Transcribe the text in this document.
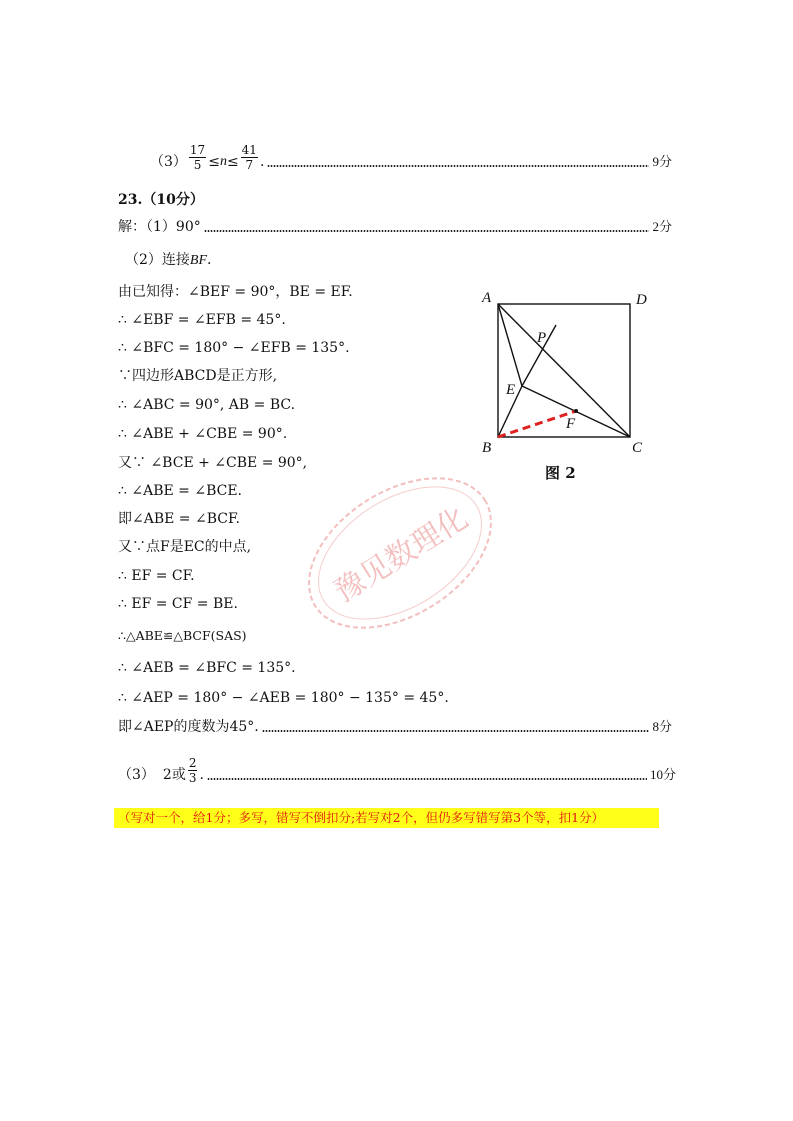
$(3) \frac{17}{5} \le n \le \frac{41}{7}$ .	9分
23.（10分）
解：（1）90°	2分
（2）连接BF.
由已知得：∠BEF = 90°，BE = EF.
∴ ∠EBF = ∠EFB = 45°.
∴ ∠BFC = 180° − ∠EFB = 135°.
∵四边形ABCD是正方形,
∴ ∠ABC = 90°, AB = BC.
∴ ∠ABE + ∠CBE = 90°.
又∵ ∠BCE + ∠CBE = 90°,
∴ ∠ABE = ∠BCE.
即∠ABE = ∠BCF.
又∵点F是EC的中点,
∴ EF = CF.
∴ EF = CF = BE.
∴△ABE≌△BCF(SAS)
∴ ∠AEB = ∠BFC = 135°.
∴ ∠AEP = 180° − ∠AEB = 180° − 135° = 45°.
即∠AEP的度数为45°.	8分
（3） 2或 $\frac{2}{3}$ .	10分
（写对一个，给1分；多写，错写不倒扣分;若写对2个，但仍多写错写第3个等，扣1分）
A	D
B	C
E
F
P
图 2
豫见数理化
